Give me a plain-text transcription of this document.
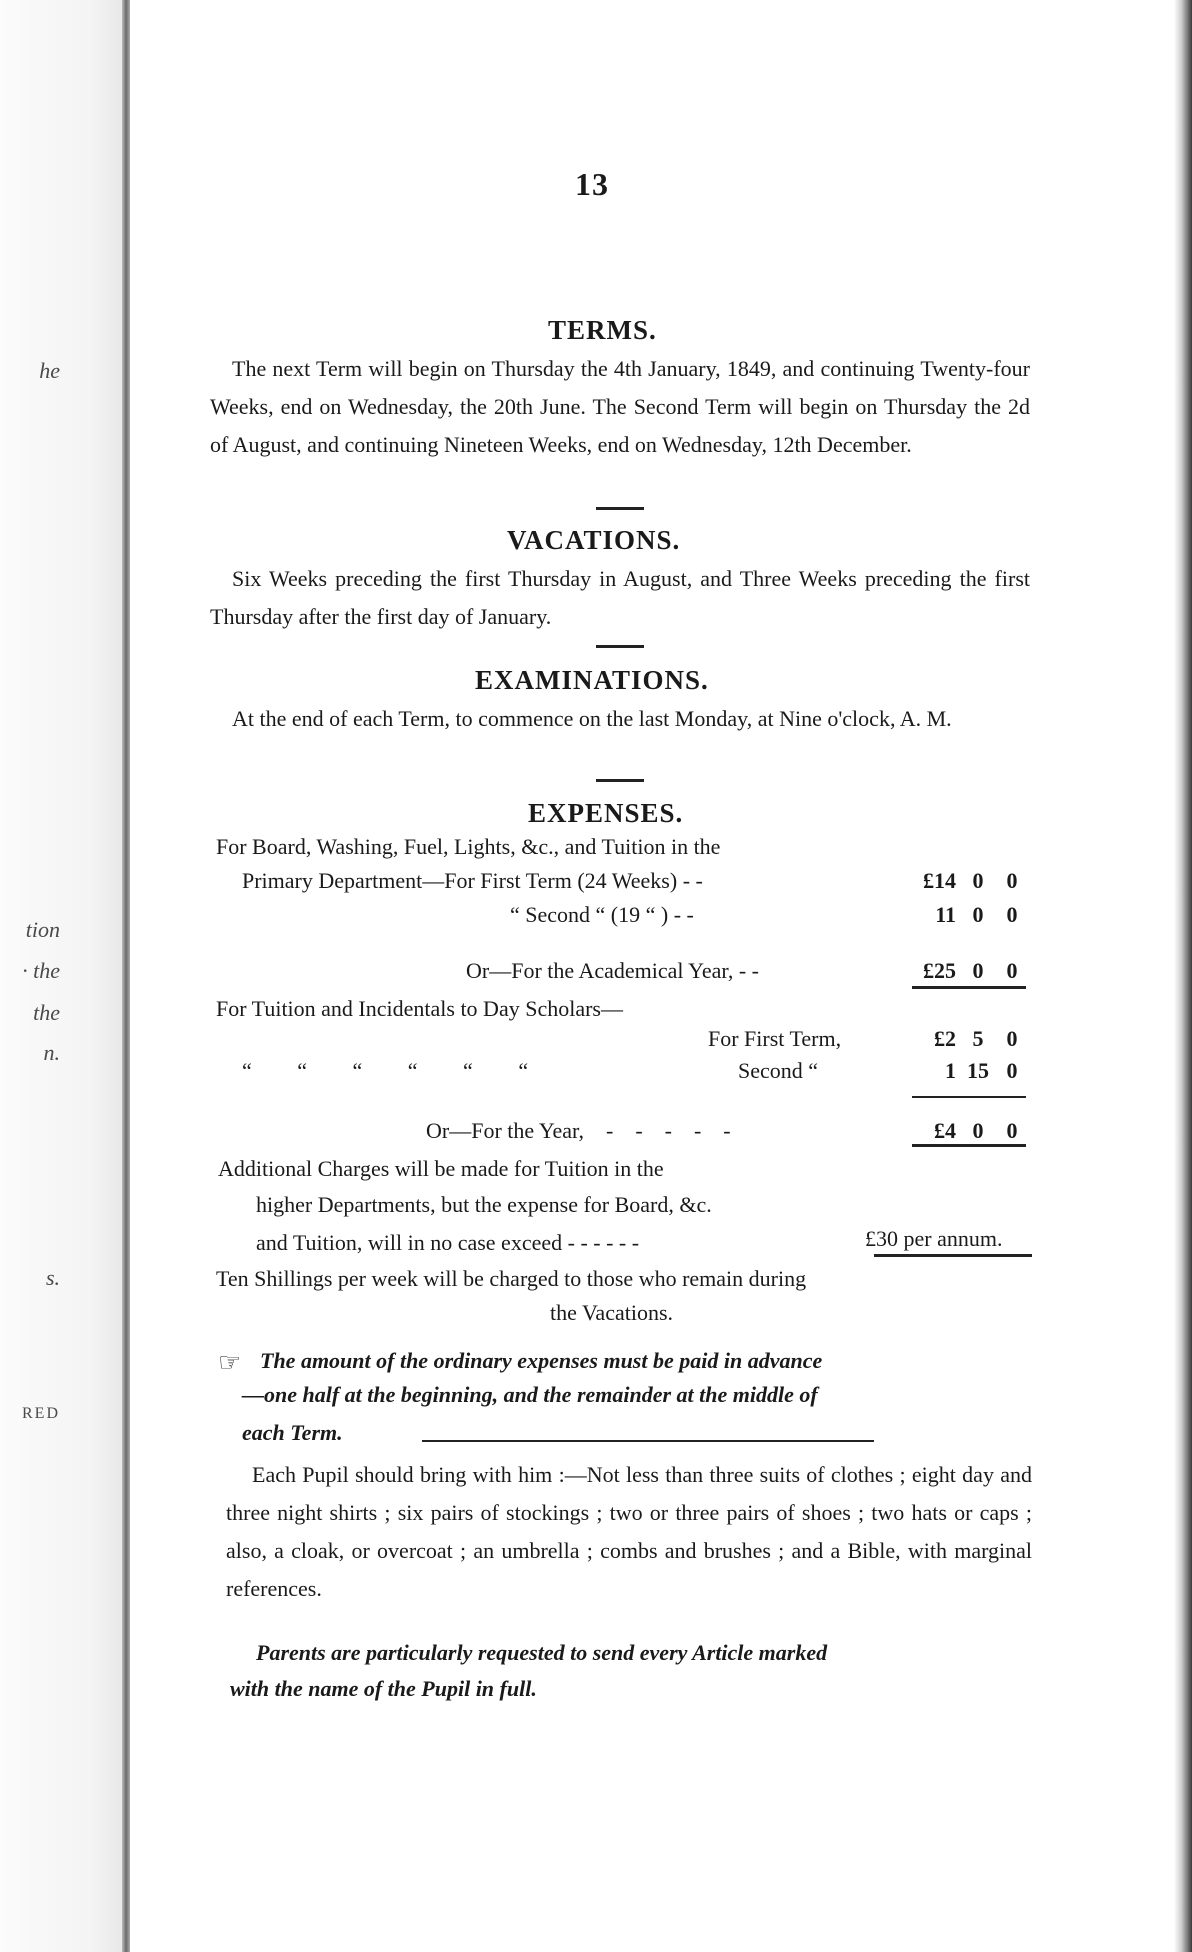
he
tion
· the
the
n.
s.
RED
13
TERMS.
The next Term will begin on Thursday the 4th January, 1849, and continuing Twenty-four Weeks, end on Wednesday, the 20th June. The Second Term will begin on Thursday the 2d of August, and continuing Nineteen Weeks, end on Wednesday, 12th December.
VACATIONS.
Six Weeks preceding the first Thursday in August, and Three Weeks preceding the first Thursday after the first day of January.
EXAMINATIONS.
At the end of each Term, to commence on the last Monday, at Nine o'clock, A. M.
EXPENSES.
For Board, Washing, Fuel, Lights, &c., and Tuition in the
Primary Department—For First Term (24 Weeks) - -	£14 0 0
“ Second “ (19 “ ) - -	11 0 0
Or—For the Academical Year, - -	£25 0 0
For Tuition and Incidentals to Day Scholars—
For First Term,	£2 5 0
“ “ “ “ “ “	Second “	1 15 0
Or—For the Year,    -    -    -    -    -	£4 0 0
Additional Charges will be made for Tuition in the
higher Departments, but the expense for Board, &c.
and Tuition, will in no case exceed - - - - - -	£30 per annum.
Ten Shillings per week will be charged to those who remain during
the Vacations.
☞ The amount of the ordinary expenses must be paid in advance
—one half at the beginning, and the remainder at the middle of
each Term.
Each Pupil should bring with him :—Not less than three suits of clothes ; eight day and three night shirts ; six pairs of stockings ; two or three pairs of shoes ; two hats or caps ; also, a cloak, or overcoat ; an umbrella ; combs and brushes ; and a Bible, with marginal references.
Parents are particularly requested to send every Article marked
with the name of the Pupil in full.
